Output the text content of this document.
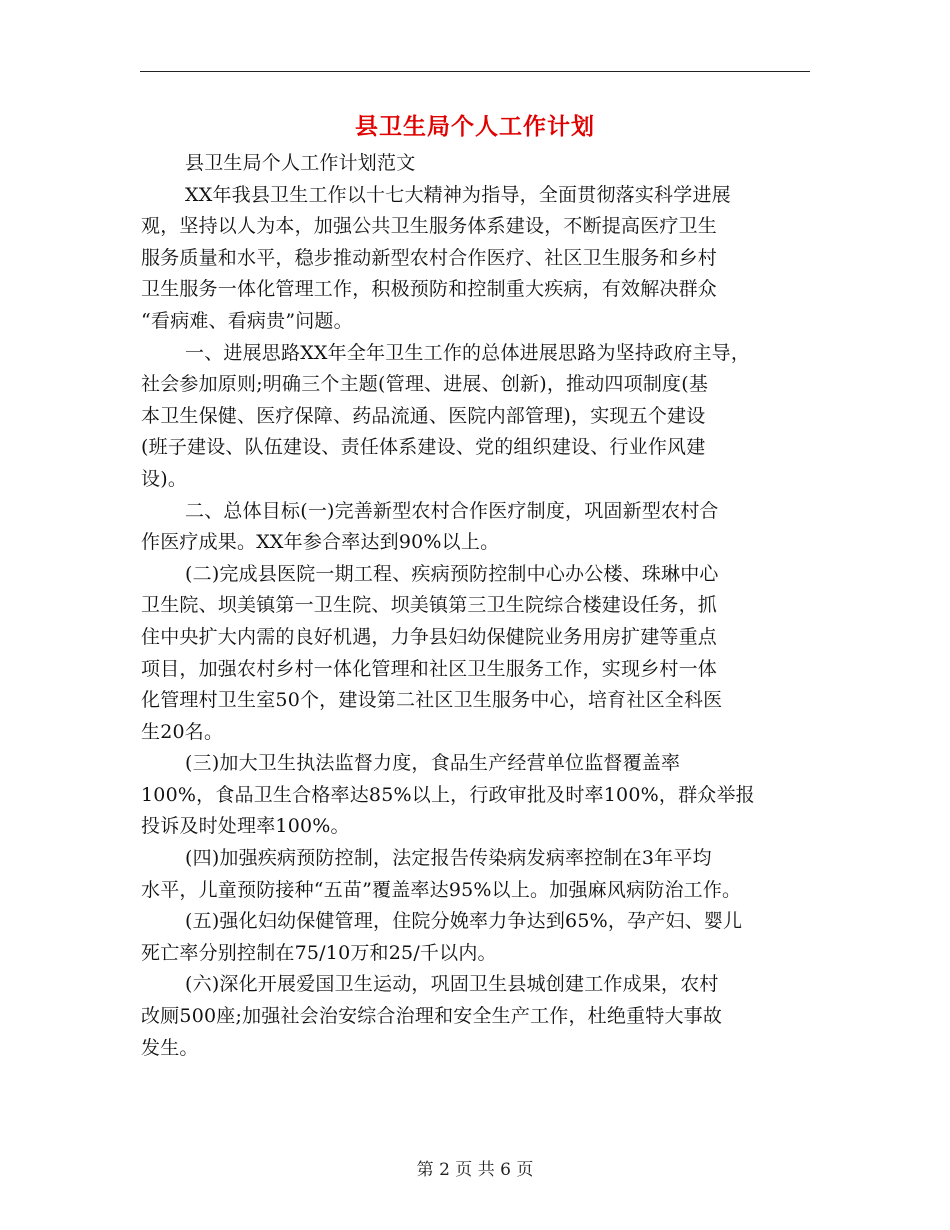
县卫生局个人工作计划

县卫生局个人工作计划范文

XX年我县卫生工作以十七大精神为指导，全面贯彻落实科学进展
观，坚持以人为本，加强公共卫生服务体系建设，不断提高医疗卫生
服务质量和水平，稳步推动新型农村合作医疗、社区卫生服务和乡村
卫生服务一体化管理工作，积极预防和控制重大疾病，有效解决群众
“看病难、看病贵”问题。

一、进展思路XX年全年卫生工作的总体进展思路为坚持政府主导，
社会参加原则;明确三个主题(管理、进展、创新)，推动四项制度(基
本卫生保健、医疗保障、药品流通、医院内部管理)，实现五个建设
(班子建设、队伍建设、责任体系建设、党的组织建设、行业作风建
设)。

二、总体目标(一)完善新型农村合作医疗制度，巩固新型农村合
作医疗成果。XX年参合率达到90%以上。

(二)完成县医院一期工程、疾病预防控制中心办公楼、珠琳中心
卫生院、坝美镇第一卫生院、坝美镇第三卫生院综合楼建设任务，抓
住中央扩大内需的良好机遇，力争县妇幼保健院业务用房扩建等重点
项目，加强农村乡村一体化管理和社区卫生服务工作，实现乡村一体
化管理村卫生室50个，建设第二社区卫生服务中心，培育社区全科医
生20名。

(三)加大卫生执法监督力度，食品生产经营单位监督覆盖率
100%，食品卫生合格率达85%以上，行政审批及时率100%，群众举报
投诉及时处理率100%。

(四)加强疾病预防控制，法定报告传染病发病率控制在3年平均
水平，儿童预防接种“五苗”覆盖率达95%以上。加强麻风病防治工作。

(五)强化妇幼保健管理，住院分娩率力争达到65%，孕产妇、婴儿
死亡率分别控制在75/10万和25/千以内。

(六)深化开展爱国卫生运动，巩固卫生县城创建工作成果，农村
改厕500座;加强社会治安综合治理和安全生产工作，杜绝重特大事故
发生。

第 2 页 共 6 页
